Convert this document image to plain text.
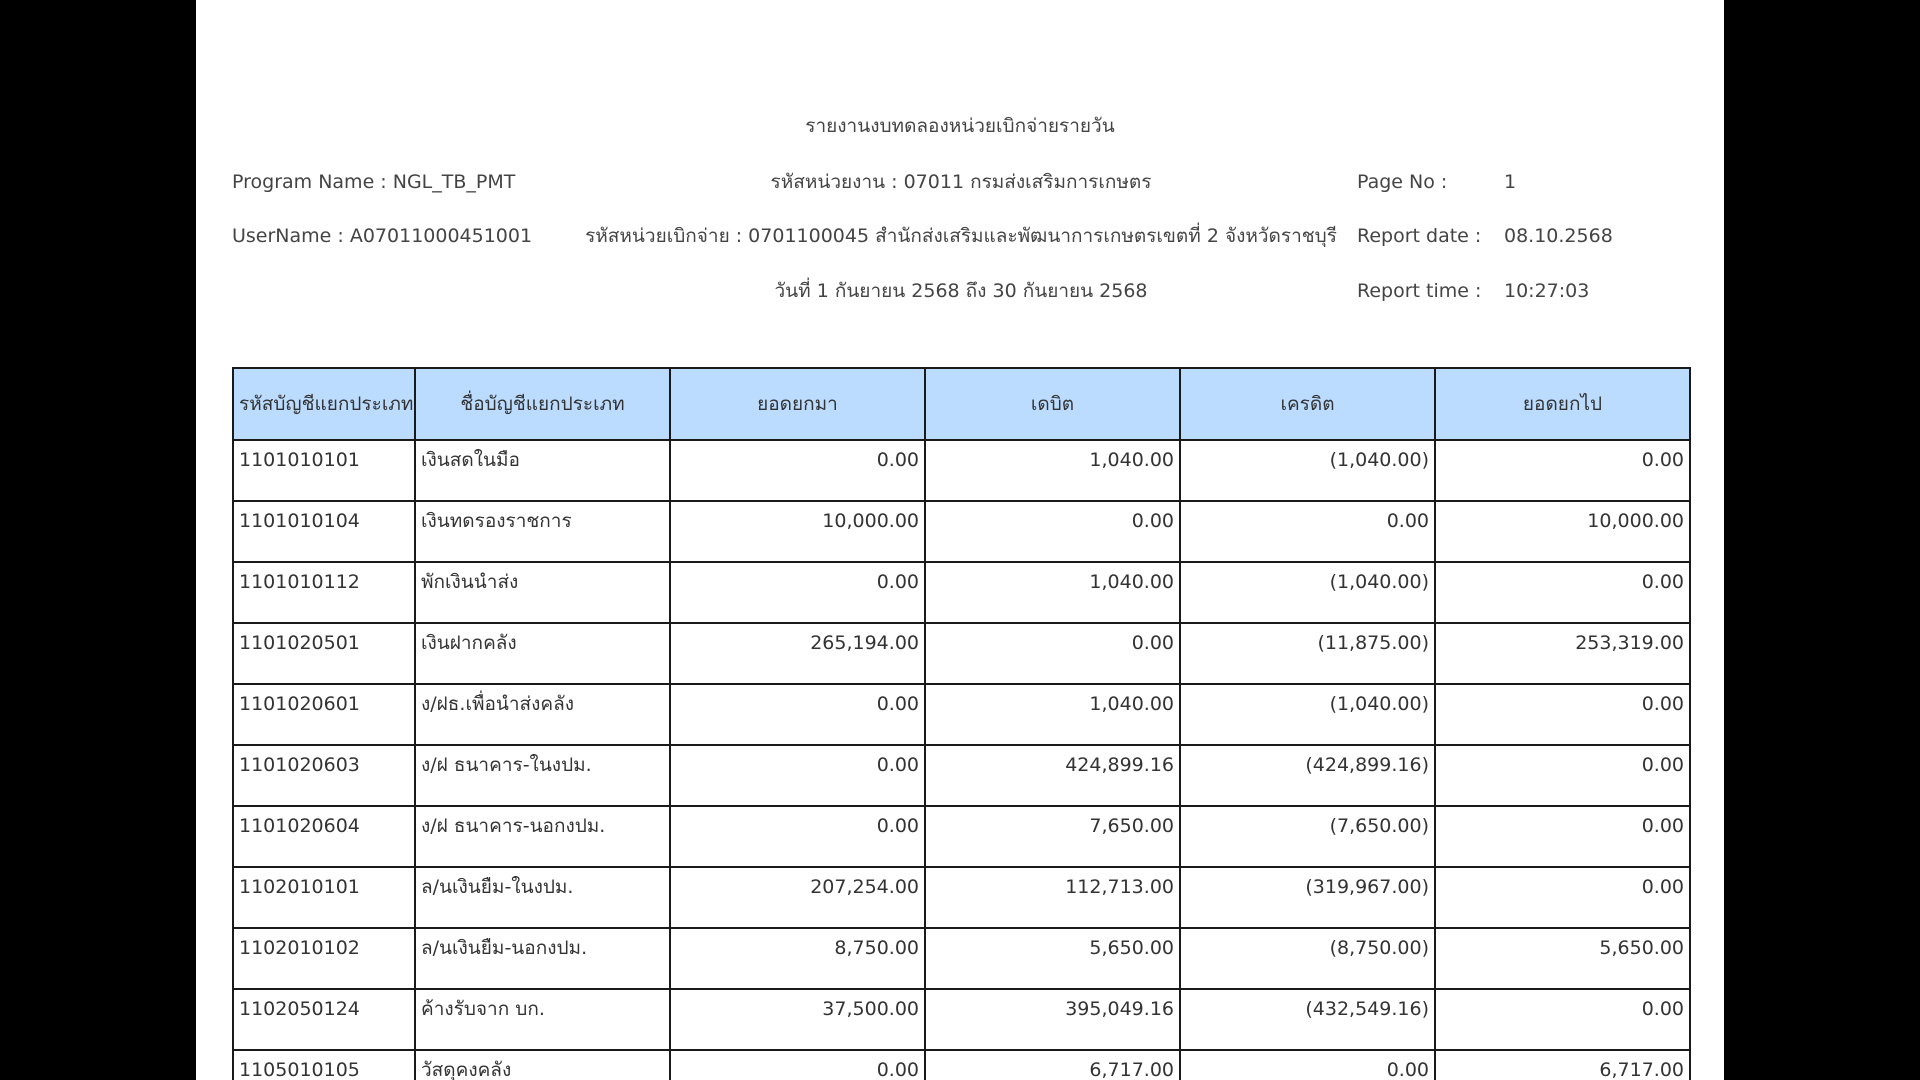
รายงานงบทดลองหน่วยเบิกจ่ายรายวัน
Program Name : NGL_TB_PMT	รหัสหน่วยงาน : 07011 กรมส่งเสริมการเกษตร	Page No :	1
UserName : A07011000451001	รหัสหน่วยเบิกจ่าย : 0701100045 สำนักส่งเสริมและพัฒนาการเกษตรเขตที่ 2 จังหวัดราชบุรี	Report date : 08.10.2568
วันที่ 1 กันยายน 2568 ถึง 30 กันยายน 2568	Report time : 10:27:03
รหัสบัญชีแยกประเภท	ชื่อบัญชีแยกประเภท	ยอดยกมา	เดบิต	เครดิต	ยอดยกไป
1101010101	เงินสดในมือ	0.00	1,040.00	(1,040.00)	0.00
1101010104	เงินทดรองราชการ	10,000.00	0.00	0.00	10,000.00
1101010112	พักเงินนำส่ง	0.00	1,040.00	(1,040.00)	0.00
1101020501	เงินฝากคลัง	265,194.00	0.00	(11,875.00)	253,319.00
1101020601	ง/ฝธ.เพื่อนำส่งคลัง	0.00	1,040.00	(1,040.00)	0.00
1101020603	ง/ฝ ธนาคาร-ในงปม.	0.00	424,899.16	(424,899.16)	0.00
1101020604	ง/ฝ ธนาคาร-นอกงปม.	0.00	7,650.00	(7,650.00)	0.00
1102010101	ล/นเงินยืม-ในงปม.	207,254.00	112,713.00	(319,967.00)	0.00
1102010102	ล/นเงินยืม-นอกงปม.	8,750.00	5,650.00	(8,750.00)	5,650.00
1102050124	ค้างรับจาก บก.	37,500.00	395,049.16	(432,549.16)	0.00
1105010105	วัสดุคงคลัง	0.00	6,717.00	0.00	6,717.00
